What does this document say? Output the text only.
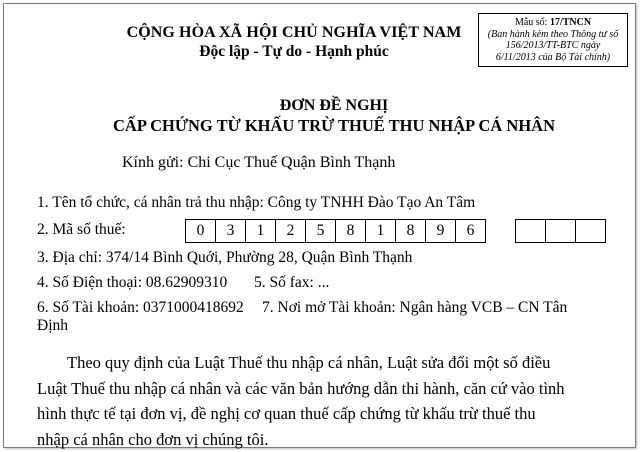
CỘNG HÒA XÃ HỘI CHỦ NGHĨA VIỆT NAM
Độc lập - Tự do - Hạnh phúc
Mẫu số: 17/TNCN
(Ban hành kèm theo Thông tư số
156/2013/TT-BTC ngày
6/11/2013 của Bộ Tài chính)
ĐƠN ĐỀ NGHỊ
CẤP CHỨNG TỪ KHẤU TRỪ THUẾ THU NHẬP CÁ NHÂN
Kính gửi: Chi Cục Thuế Quận Bình Thạnh
1. Tên tổ chức, cá nhân trả thu nhập: Công ty TNHH Đào Tạo An Tâm
2. Mã số thuế:	0	3	1	2	5	8	1	8	9	6
3. Địa chỉ: 374/14 Bình Quới, Phường 28, Quận Bình Thạnh
4. Số Điện thoại: 08.62909310 5. Số fax: ...
6. Số Tài khoản: 0371000418692 7. Nơi mở Tài khoản: Ngân hàng VCB – CN Tân
Định
Theo quy định của Luật Thuế thu nhập cá nhân, Luật sửa đổi một số điều
Luật Thuế thu nhập cá nhân và các văn bản hướng dẫn thi hành, căn cứ vào tình
hình thực tế tại đơn vị, đề nghị cơ quan thuế cấp chứng từ khấu trừ thuế thu
nhập cá nhân cho đơn vị chúng tôi.
